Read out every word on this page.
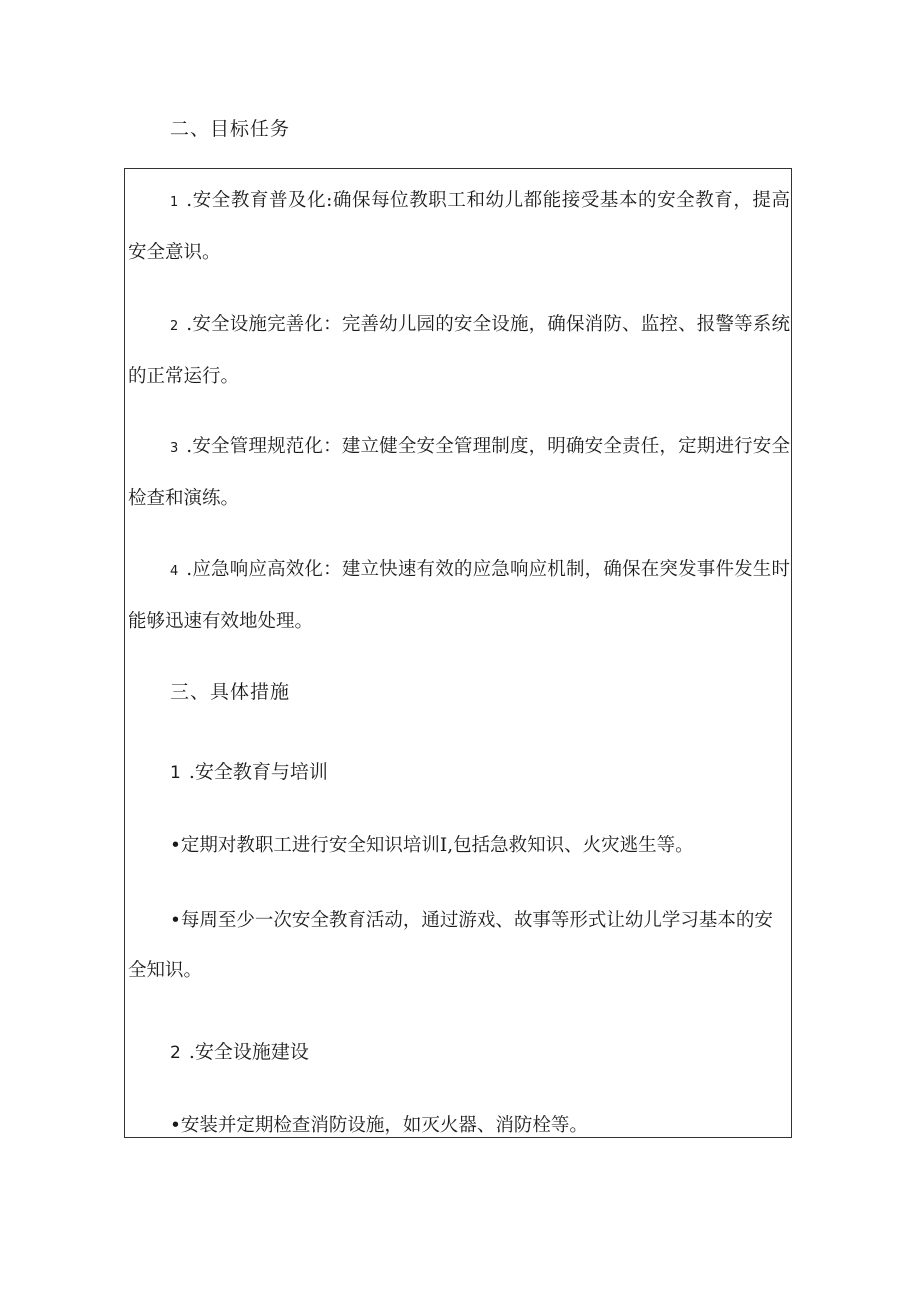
二、目标任务

1 .安全教育普及化:确保每位教职工和幼儿都能接受基本的安全教育，提高安全意识。

2 .安全设施完善化：完善幼儿园的安全设施，确保消防、监控、报警等系统的正常运行。

3 .安全管理规范化：建立健全安全管理制度，明确安全责任，定期进行安全检查和演练。

4 .应急响应高效化：建立快速有效的应急响应机制，确保在突发事件发生时能够迅速有效地处理。

三、具体措施
1 .安全教育与培训

•定期对教职工进行安全知识培训I,包括急救知识、火灾逃生等。

•每周至少一次安全教育活动，通过游戏、故事等形式让幼儿学习基本的安全知识。

2 .安全设施建设

•安装并定期检查消防设施，如灭火器、消防栓等。
